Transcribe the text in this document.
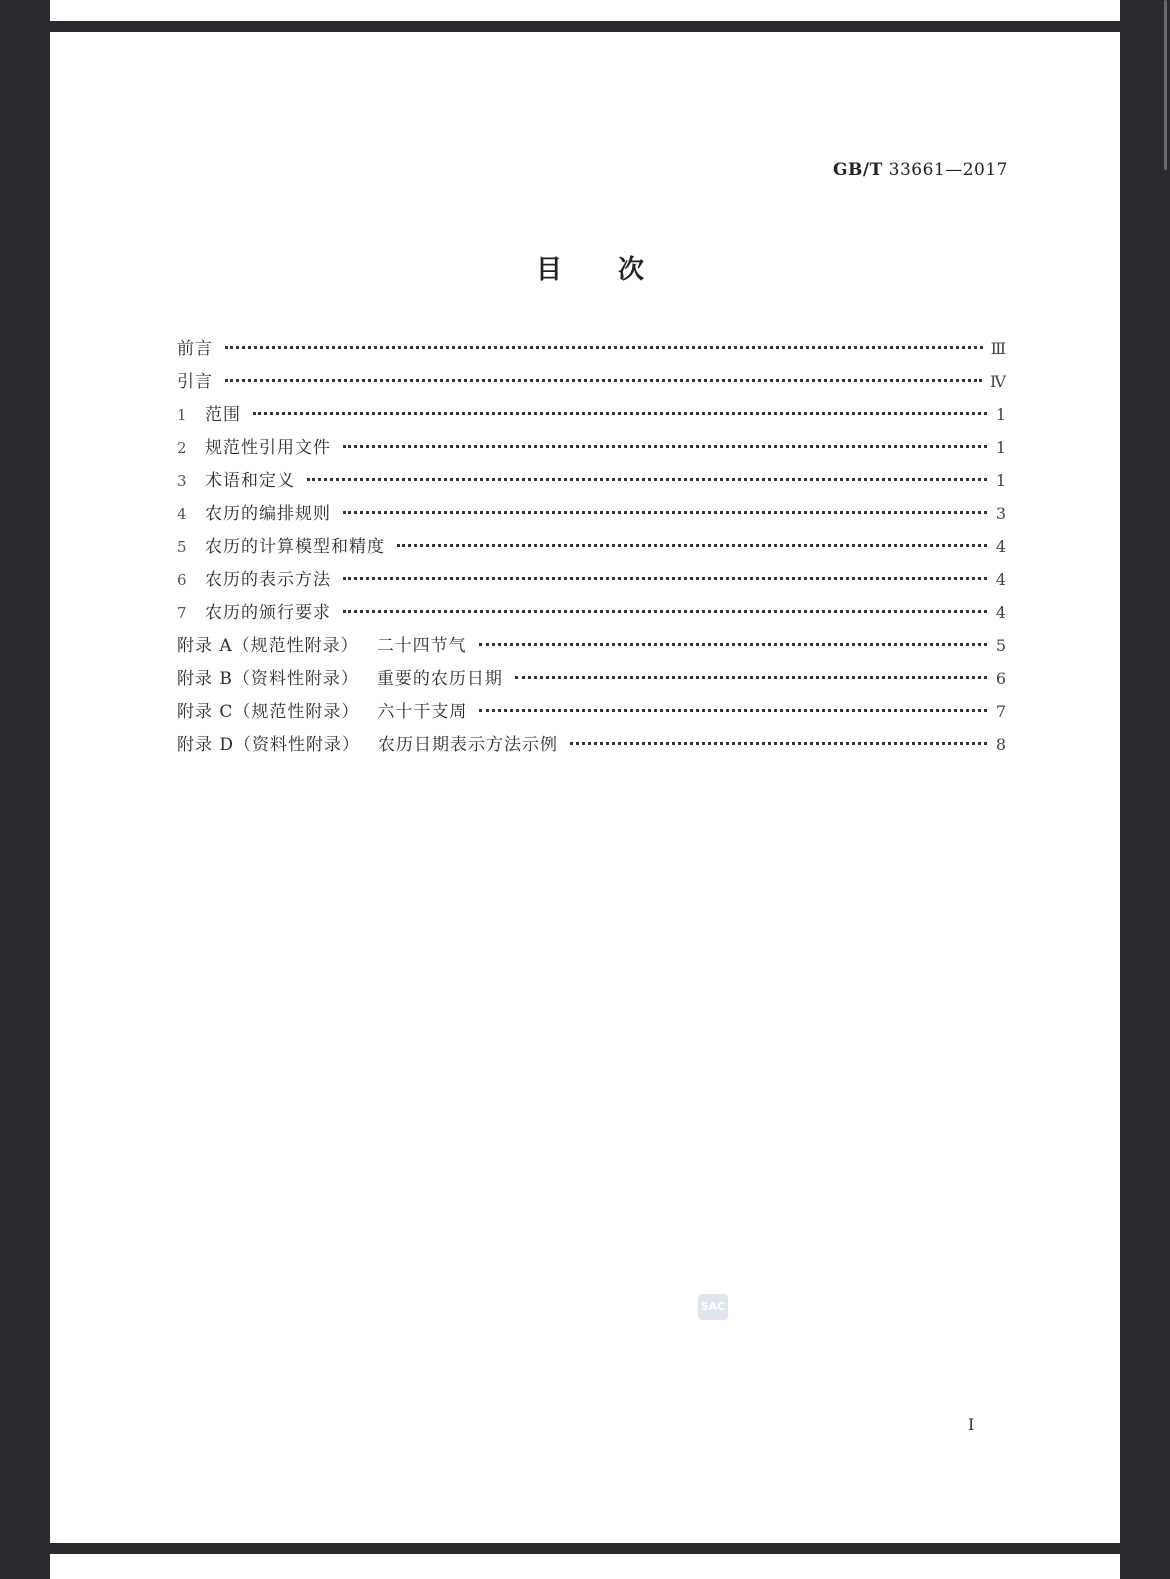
GB/T 33661—2017
目 次
前言	Ⅲ
引言	Ⅳ
1	范围	1
2	规范性引用文件	1
3	术语和定义	1
4	农历的编排规则	3
5	农历的计算模型和精度	4
6	农历的表示方法	4
7	农历的颁行要求	4
附录 A（规范性附录） 二十四节气	5
附录 B（资料性附录） 重要的农历日期	6
附录 C（规范性附录） 六十干支周	7
附录 D（资料性附录） 农历日期表示方法示例	8
SAC
I
